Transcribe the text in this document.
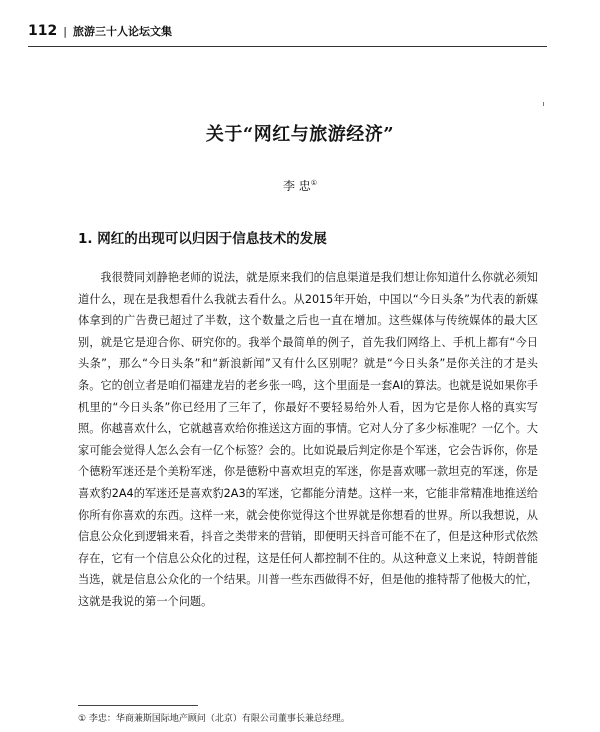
112 | 旅游三十人论坛文集
关于“网红与旅游经济”
李 忠①
1. 网红的出现可以归因于信息技术的发展

我很赞同刘静艳老师的说法，就是原来我们的信息渠道是我们想让你知道什么你就必须知道什么，现在是我想看什么我就去看什么。从2015年开始，中国以“今日头条”为代表的新媒体拿到的广告费已超过了半数，这个数量之后也一直在增加。这些媒体与传统媒体的最大区别，就是它是迎合你、研究你的。我举个最简单的例子，首先我们网络上、手机上都有“今日头条”，那么“今日头条”和“新浪新闻”又有什么区别呢？就是“今日头条”是你关注的才是头条。它的创立者是咱们福建龙岩的老乡张一鸣，这个里面是一套AI的算法。也就是说如果你手机里的“今日头条”你已经用了三年了，你最好不要轻易给外人看，因为它是你人格的真实写照。你越喜欢什么，它就越喜欢给你推送这方面的事情。它对人分了多少标准呢？一亿个。大家可能会觉得人怎么会有一亿个标签？会的。比如说最后判定你是个军迷，它会告诉你，你是个德粉军迷还是个美粉军迷，你是德粉中喜欢坦克的军迷，你是喜欢哪一款坦克的军迷，你是喜欢豹2A4的军迷还是喜欢豹2A3的军迷，它都能分清楚。这样一来，它能非常精准地推送给你所有你喜欢的东西。这样一来，就会使你觉得这个世界就是你想看的世界。所以我想说，从信息公众化到逻辑来看，抖音之类带来的营销，即便明天抖音可能不在了，但是这种形式依然存在，它有一个信息公众化的过程，这是任何人都控制不住的。从这种意义上来说，特朗普能当选，就是信息公众化的一个结果。川普一些东西做得不好，但是他的推特帮了他极大的忙，这就是我说的第一个问题。

① 李忠：华商兼斯国际地产顾问（北京）有限公司董事长兼总经理。
